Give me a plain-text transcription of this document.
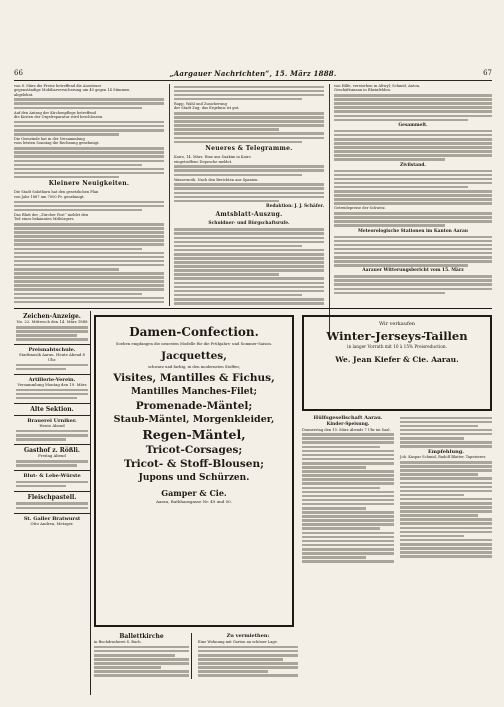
66	„Aargauer Nachrichten“, 15. März 1888.	67
von 8. März die Preise betreffend die Aussteuer
gegenständige Mobiliarversicherung um 40 gegen 14 Stimmen
abgelehnt.
Auf den Antrag der Kirchenpflege betreffend
die Kosten der Orgelreparatur wird beschlossen.
Die Gemeinde hat in der Versammlung
vom letzten Sonntag die Rechnung genehmigt.
Kleinere Neuigkeiten.
Die Stadt Solothurn hat den gesetzlichen Plan
von Jahr 1887 um 7000 Fr. genehmigt.
Das Blatt der „Zürcher Post“ meldet den
Tod eines bekannten Mitbürgers.
Rapp, Wahl und Zusicherung
der Stadt Zug; das Ergebnis ist gut.
Neueres & Telegramme.
Kairo, 14. März. Eine aus Suakim in Kairo
eingetroffene Depesche meldet.
Wassernoth. Nach den Berichten aus Spanien.
Redaktion: J. J. Schäfer.
Amtsblatt-Auszug.
Schuldner- und Bürgschaftsrufe.
von Hilfe, verstorben in Altwyl; Schmid, Anton,
Geschäftsmann in Rheinfelden.
Gesammelt.
Zivilstand.
Getreidepreise der Schweiz.
Meteorologische Stationen im Kanton Aarau
Aarauer Witterungsbericht vom 15. März
Zeichen-Anzeige.
No. 22. Mittwoch den 14. März 1888
Preisnahtschule.
Stadtmusik Aarau. Heute Abend 8 Uhr.
Artillerie-Verein.
Versammlung Montag den 19. März
Alte Sektion.
Brauerei Urniker.
Heute Abend
Gasthof z. Rößli.
Freitag Abend
Blut- & Lebe-Würste
Fleischpastell.
St. Galler Bratwurst
Otto Andrea, Metzger.
Damen-Confection.
Soeben empfangen die neuesten Modelle für die Frühjahrs- und Sommer-Saison.
Jacquettes,
schwarz und farbig, in den modernsten Stoffen;
Visites, Mantilles & Fichus,
Mantilles Manches-Filet;
Promenade-Mäntel;
Staub-Mäntel, Morgenkleider,
Regen-Mäntel,
Tricot-Corsages;
Tricot- & Stoff-Blousen;
Jupons und Schürzen.
Gamper & Cie.
Aarau, Rathhausgasse Nr. 49 und 50.
Wir verkaufen
Winter-Jerseys-Taillen
in langer Vorrath mit 10 à 15% Preisreduction.
We. Jean Kiefer & Cie. Aarau.
Hülfsgesellschaft Aarau.
Kinder-Speisung.
Donnerstag den 15. März Abends 7 Uhr im Saal.
Empfehlung.
Joh. Kaspar Schmid, Rudolf Blatter, Tapezierer.
Ballettkirche
in Buchdruckerei S. Buch.
Zu vermiethen:
Eine Wohnung mit Garten an schöner Lage.
